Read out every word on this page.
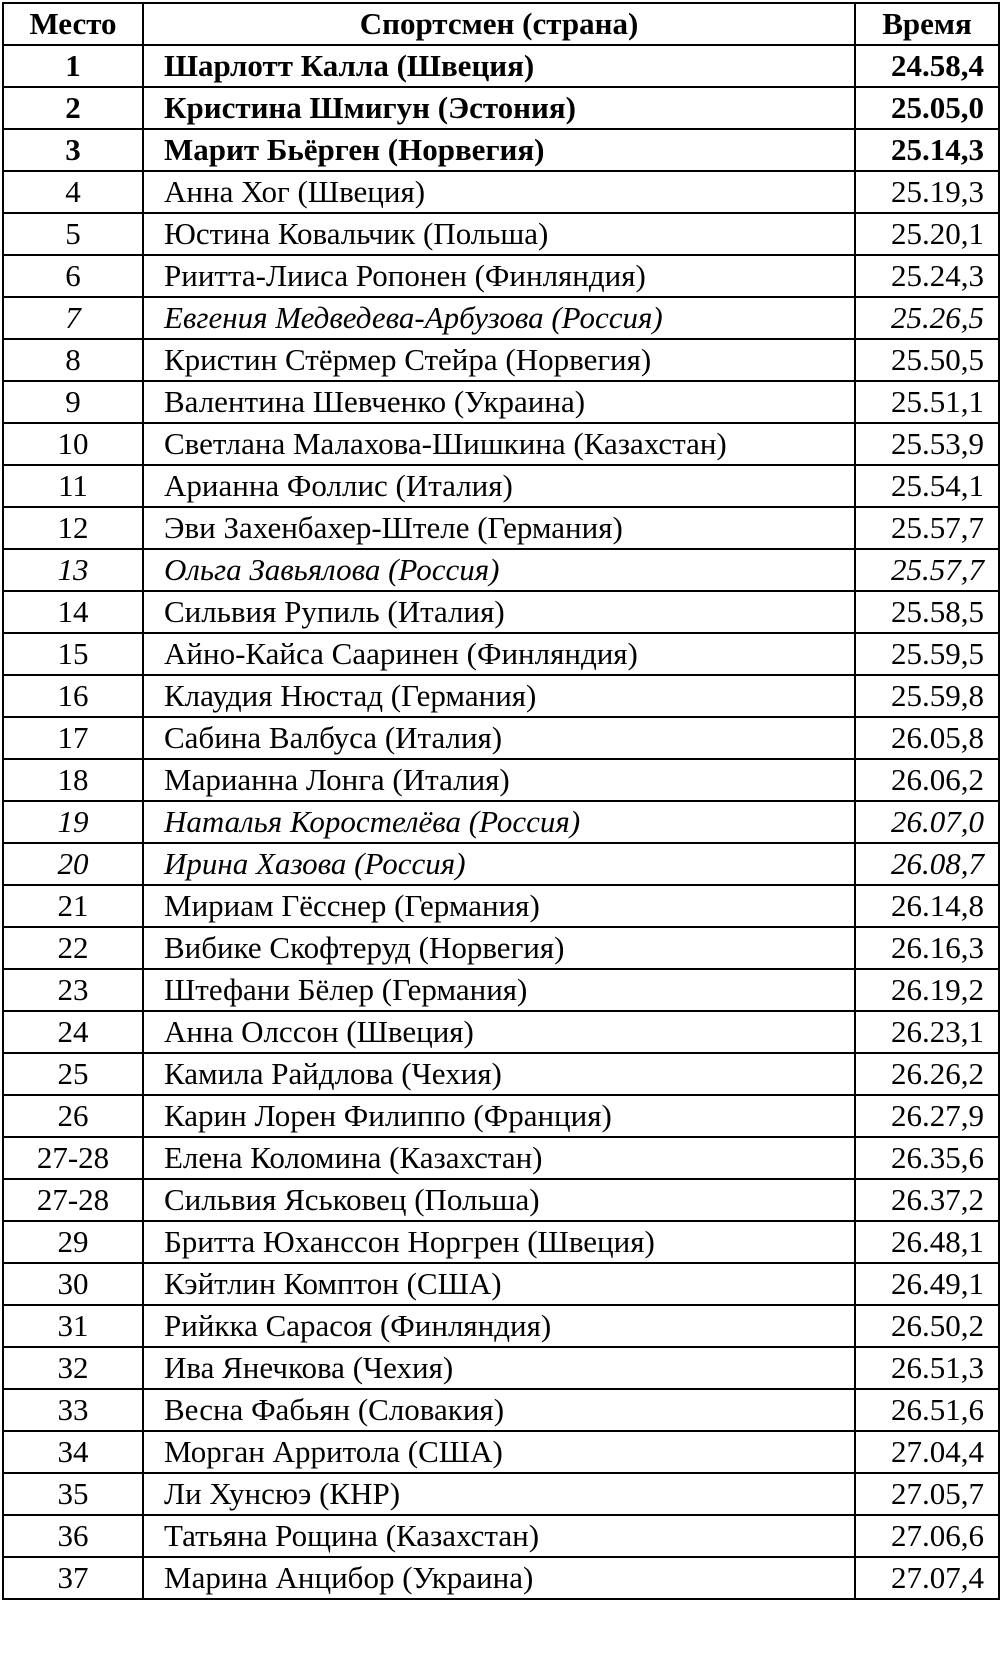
Место	Спортсмен (страна)	Время
1	Шарлотт Калла (Швеция)	24.58,4
2	Кристина Шмигун (Эстония)	25.05,0
3	Марит Бьёрген (Норвегия)	25.14,3
4	Анна Хог (Швеция)	25.19,3
5	Юстина Ковальчик (Польша)	25.20,1
6	Риитта-Лииса Ропонен (Финляндия)	25.24,3
7	Евгения Медведева-Арбузова (Россия)	25.26,5
8	Кристин Стёрмер Стейра (Норвегия)	25.50,5
9	Валентина Шевченко (Украина)	25.51,1
10	Светлана Малахова-Шишкина (Казахстан)	25.53,9
11	Арианна Фоллис (Италия)	25.54,1
12	Эви Захенбахер-Штеле (Германия)	25.57,7
13	Ольга Завьялова (Россия)	25.57,7
14	Сильвия Рупиль (Италия)	25.58,5
15	Айно-Кайса Сааринен (Финляндия)	25.59,5
16	Клаудия Нюстад (Германия)	25.59,8
17	Сабина Валбуса (Италия)	26.05,8
18	Марианна Лонга (Италия)	26.06,2
19	Наталья Коростелёва (Россия)	26.07,0
20	Ирина Хазова (Россия)	26.08,7
21	Мириам Гёсснер (Германия)	26.14,8
22	Вибике Скофтеруд (Норвегия)	26.16,3
23	Штефани Бёлер (Германия)	26.19,2
24	Анна Олссон (Швеция)	26.23,1
25	Камила Райдлова (Чехия)	26.26,2
26	Карин Лорен Филиппо (Франция)	26.27,9
27-28	Елена Коломина (Казахстан)	26.35,6
27-28	Сильвия Яськовец (Польша)	26.37,2
29	Бритта Юханссон Норгрен (Швеция)	26.48,1
30	Кэйтлин Комптон (США)	26.49,1
31	Рийкка Сарасоя (Финляндия)	26.50,2
32	Ива Янечкова (Чехия)	26.51,3
33	Весна Фабьян (Словакия)	26.51,6
34	Морган Арритола (США)	27.04,4
35	Ли Хунсюэ (КНР)	27.05,7
36	Татьяна Рощина (Казахстан)	27.06,6
37	Марина Анцибор (Украина)	27.07,4
